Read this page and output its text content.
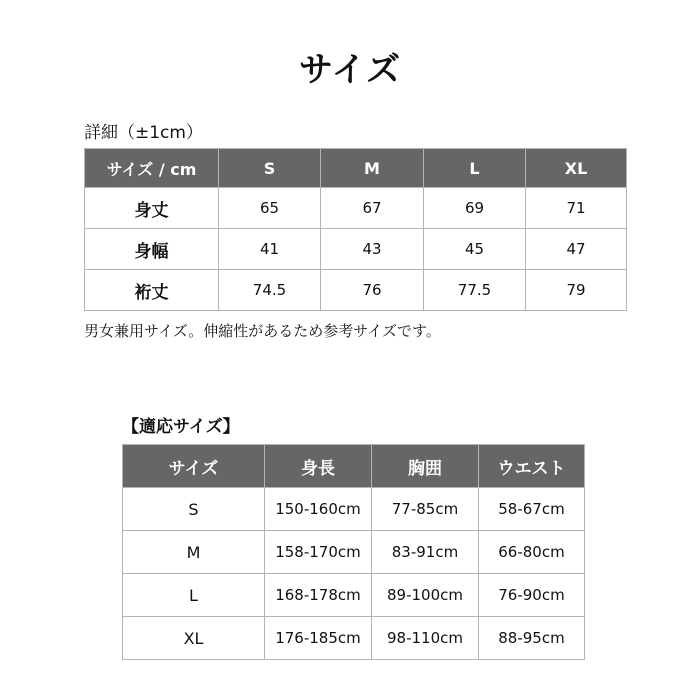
サイズ
詳細（±1cm）
サイズ / cm	S	M	L	XL
身丈	65	67	69	71
身幅	41	43	45	47
裄丈	74.5	76	77.5	79
男女兼用サイズ。伸縮性があるため参考サイズです。
【適応サイズ】
サイズ	身長	胸囲	ウエスト
S	150-160cm	77-85cm	58-67cm
M	158-170cm	83-91cm	66-80cm
L	168-178cm	89-100cm	76-90cm
XL	176-185cm	98-110cm	88-95cm
